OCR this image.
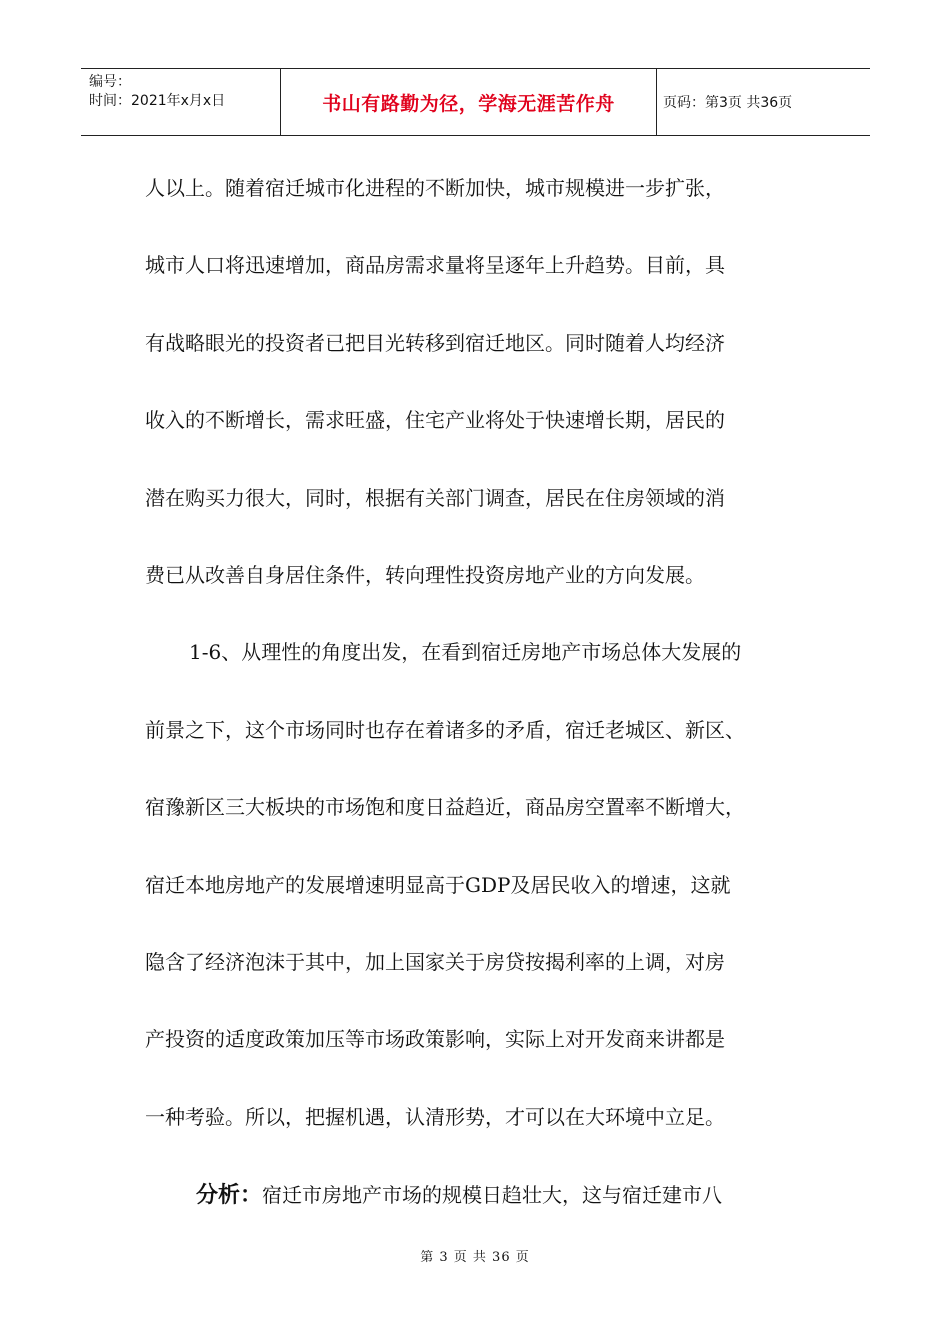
编号：
时间：2021年x月x日	书山有路勤为径，学海无涯苦作舟	页码：第3页 共36页
人以上。随着宿迁城市化进程的不断加快，城市规模进一步扩张，
城市人口将迅速增加，商品房需求量将呈逐年上升趋势。目前，具
有战略眼光的投资者已把目光转移到宿迁地区。同时随着人均经济
收入的不断增长，需求旺盛，住宅产业将处于快速增长期，居民的
潜在购买力很大，同时，根据有关部门调查，居民在住房领域的消
费已从改善自身居住条件，转向理性投资房地产业的方向发展。
1-6、从理性的角度出发，在看到宿迁房地产市场总体大发展的
前景之下，这个市场同时也存在着诸多的矛盾，宿迁老城区、新区、
宿豫新区三大板块的市场饱和度日益趋近，商品房空置率不断增大，
宿迁本地房地产的发展增速明显高于GDP及居民收入的增速，这就
隐含了经济泡沫于其中，加上国家关于房贷按揭利率的上调，对房
产投资的适度政策加压等市场政策影响，实际上对开发商来讲都是
一种考验。所以，把握机遇，认清形势，才可以在大环境中立足。
分析：宿迁市房地产市场的规模日趋壮大，这与宿迁建市八
第 3 页 共 36 页
